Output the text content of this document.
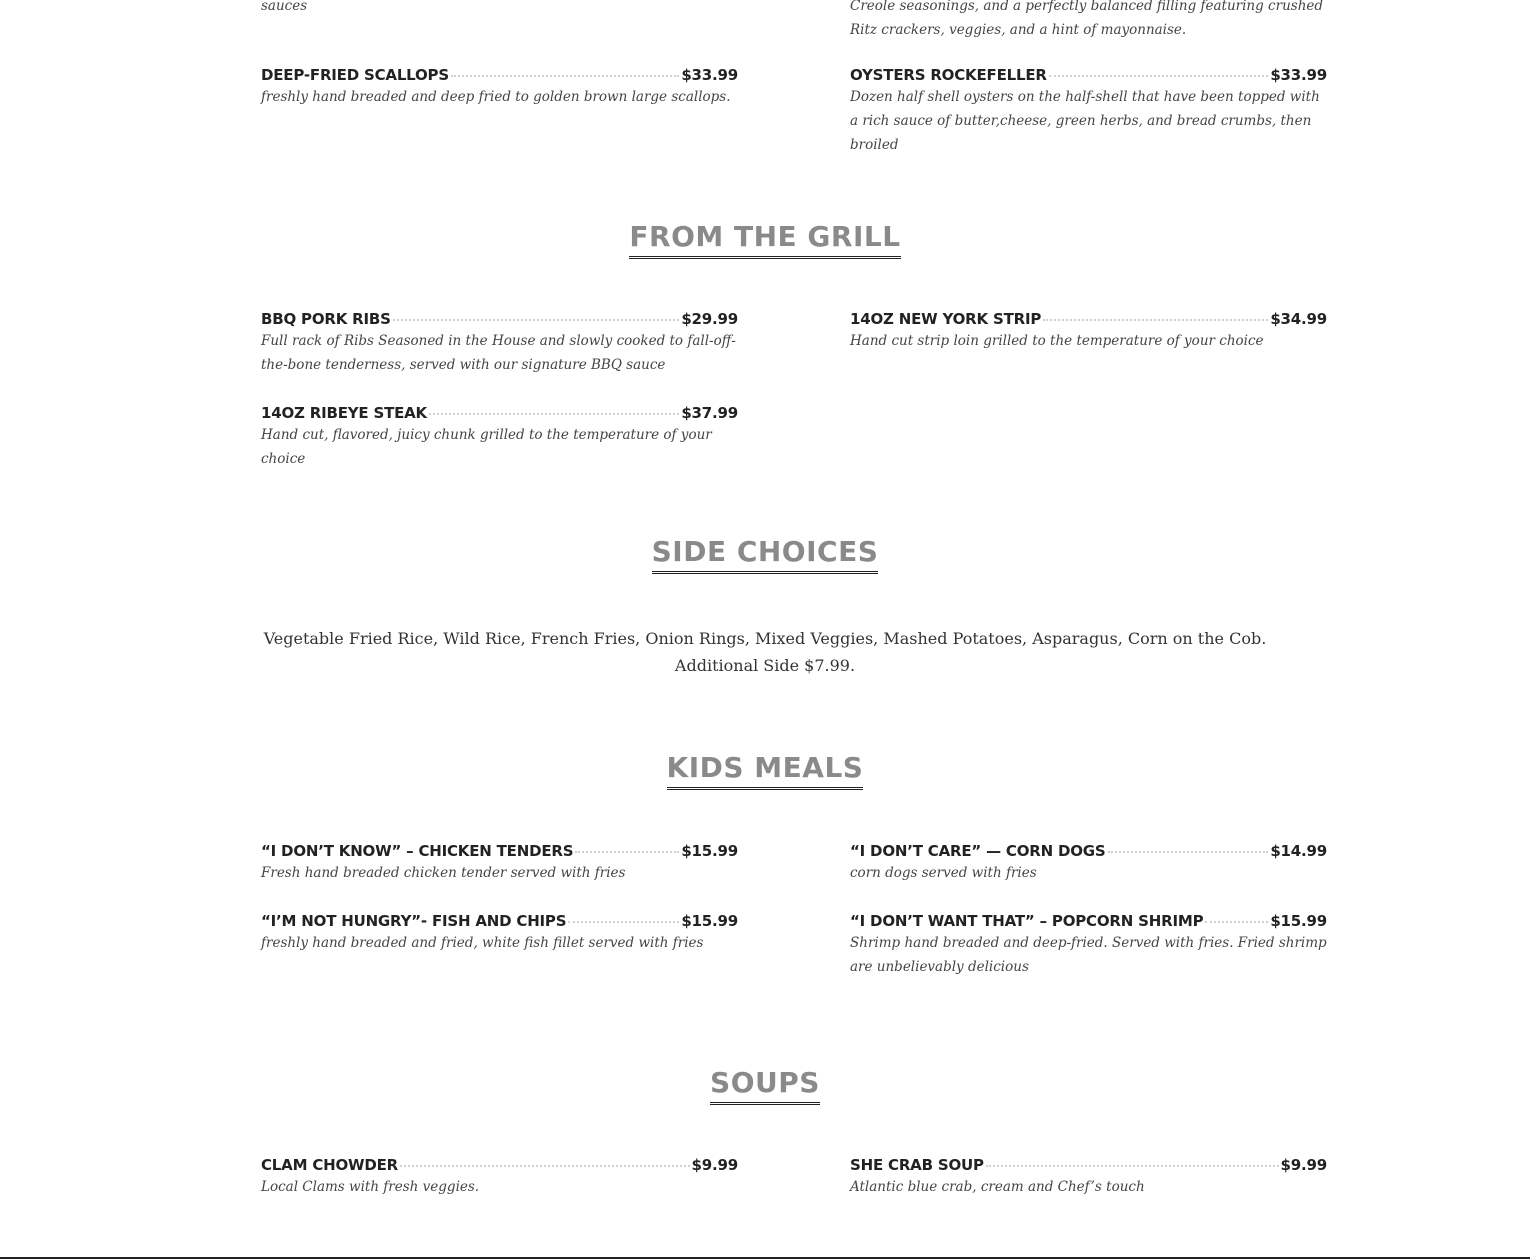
sauces	Creole seasonings, and a perfectly balanced filling featuring crushed Ritz crackers, veggies, and a hint of mayonnaise.
DEEP-FRIED SCALLOPS	$33.99
freshly hand breaded and deep fried to golden brown large scallops.
OYSTERS ROCKEFELLER	$33.99
Dozen half shell oysters on the half-shell that have been topped with a rich sauce of butter,cheese, green herbs, and bread crumbs, then broiled
FROM THE GRILL
BBQ PORK RIBS	$29.99
Full rack of Ribs Seasoned in the House and slowly cooked to fall-off-the-bone tenderness, served with our signature BBQ sauce
14OZ NEW YORK STRIP	$34.99
Hand cut strip loin grilled to the temperature of your choice
14OZ RIBEYE STEAK	$37.99
Hand cut, flavored, juicy chunk grilled to the temperature of your choice
SIDE CHOICES
Vegetable Fried Rice, Wild Rice, French Fries, Onion Rings, Mixed Veggies, Mashed Potatoes, Asparagus, Corn on the Cob.
Additional Side $7.99.
KIDS MEALS
“I DON’T KNOW” – CHICKEN TENDERS	$15.99
Fresh hand breaded chicken tender served with fries
“I DON’T CARE” — CORN DOGS	$14.99
corn dogs served with fries
“I’M NOT HUNGRY”- FISH AND CHIPS	$15.99
freshly hand breaded and fried, white fish fillet served with fries
“I DON’T WANT THAT” – POPCORN SHRIMP	$15.99
Shrimp hand breaded and deep-fried. Served with fries. Fried shrimp are unbelievably delicious
SOUPS
CLAM CHOWDER	$9.99
Local Clams with fresh veggies.
SHE CRAB SOUP	$9.99
Atlantic blue crab, cream and Chef’s touch
